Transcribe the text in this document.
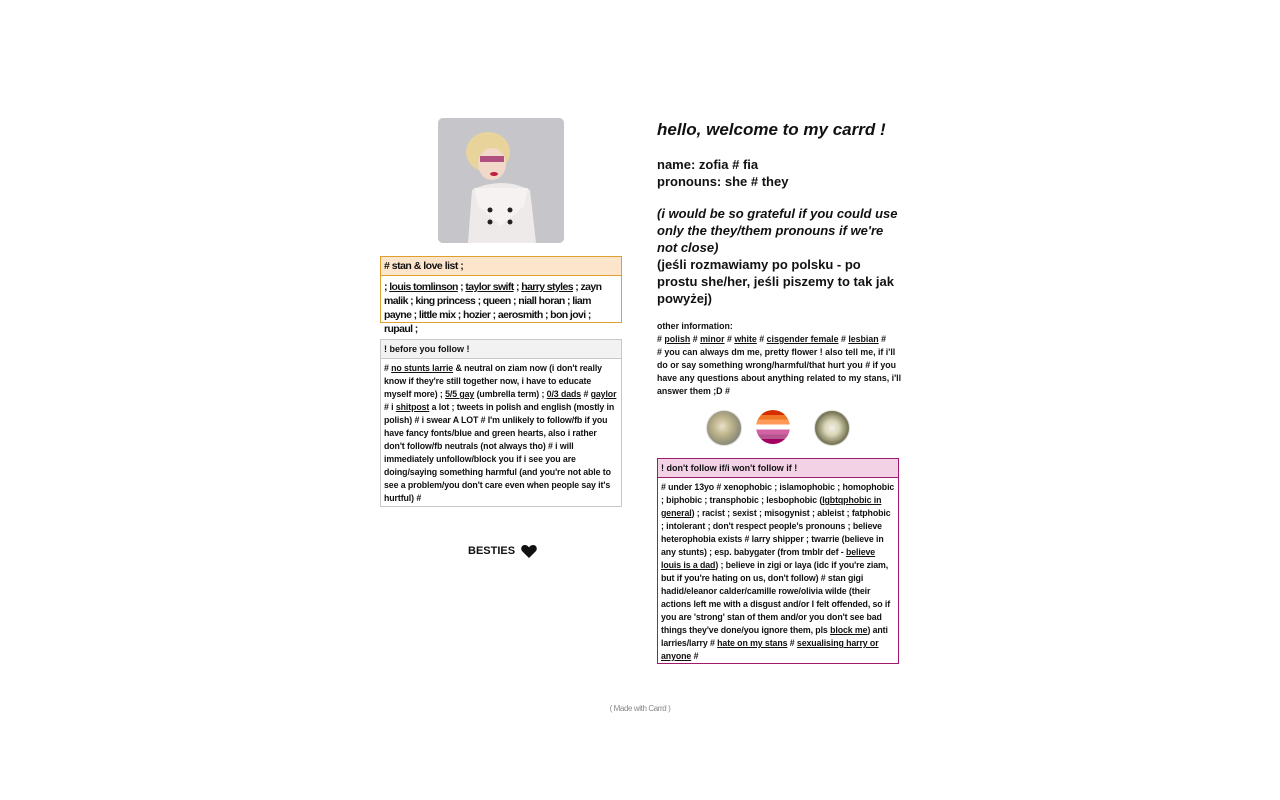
# stan & love list ;
; louis tomlinson ; taylor swift ; harry styles ; zayn malik ; king princess ; queen ; niall horan ; liam payne ; little mix ; hozier ; aerosmith ; bon jovi ; rupaul ;
! before you follow !
# no stunts larrie & neutral on ziam now (i don't really know if they're still together now, i have to educate myself more) ; 5/5 gay (umbrella term) ; 0/3 dads # gaylor # i shitpost a lot ; tweets in polish and english (mostly in polish) # i swear A LOT # I'm unlikely to follow/fb if you have fancy fonts/blue and green hearts, also i rather don't follow/fb neutrals (not always tho) # i will immediately unfollow/block you if i see you are doing/saying something harmful (and you're not able to see a problem/you don't care even when people say it's hurtful) #
BESTIES
hello, welcome to my carrd !

name: zofia # fia

pronouns: she # they

(i would be so grateful if you could use only the they/them pronouns if we're not close)

(jeśli rozmawiamy po polsku - po prostu she/her, jeśli piszemy to tak jak powyżej)

other information:

# polish # minor # white # cisgender female # lesbian #
# you can always dm me, pretty flower ! also tell me, if i'll do or say something wrong/harmful/that hurt you # if you have any questions about anything related to my stans, i'll answer them ;D #

! don't follow if/i won't follow if !
# under 13yo # xenophobic ; islamophobic ; homophobic ; biphobic ; transphobic ; lesbophobic (lgbtqphobic in general) ; racist ; sexist ; misogynist ; ableist ; fatphobic ; intolerant ; don't respect people's pronouns ; believe heterophobia exists # larry shipper ; twarrie (believe in any stunts) ; esp. babygater (from tmblr def - believe louis is a dad) ; believe in zigi or laya (idc if you're ziam, but if you're hating on us, don't follow) # stan gigi hadid/eleanor calder/camille rowe/olivia wilde (their actions left me with a disgust and/or I felt offended, so if you are 'strong' stan of them and/or you don't see bad things they've done/you ignore them, pls block me) anti larries/larry # hate on my stans # sexualising harry or anyone #
( Made with Carrd )
